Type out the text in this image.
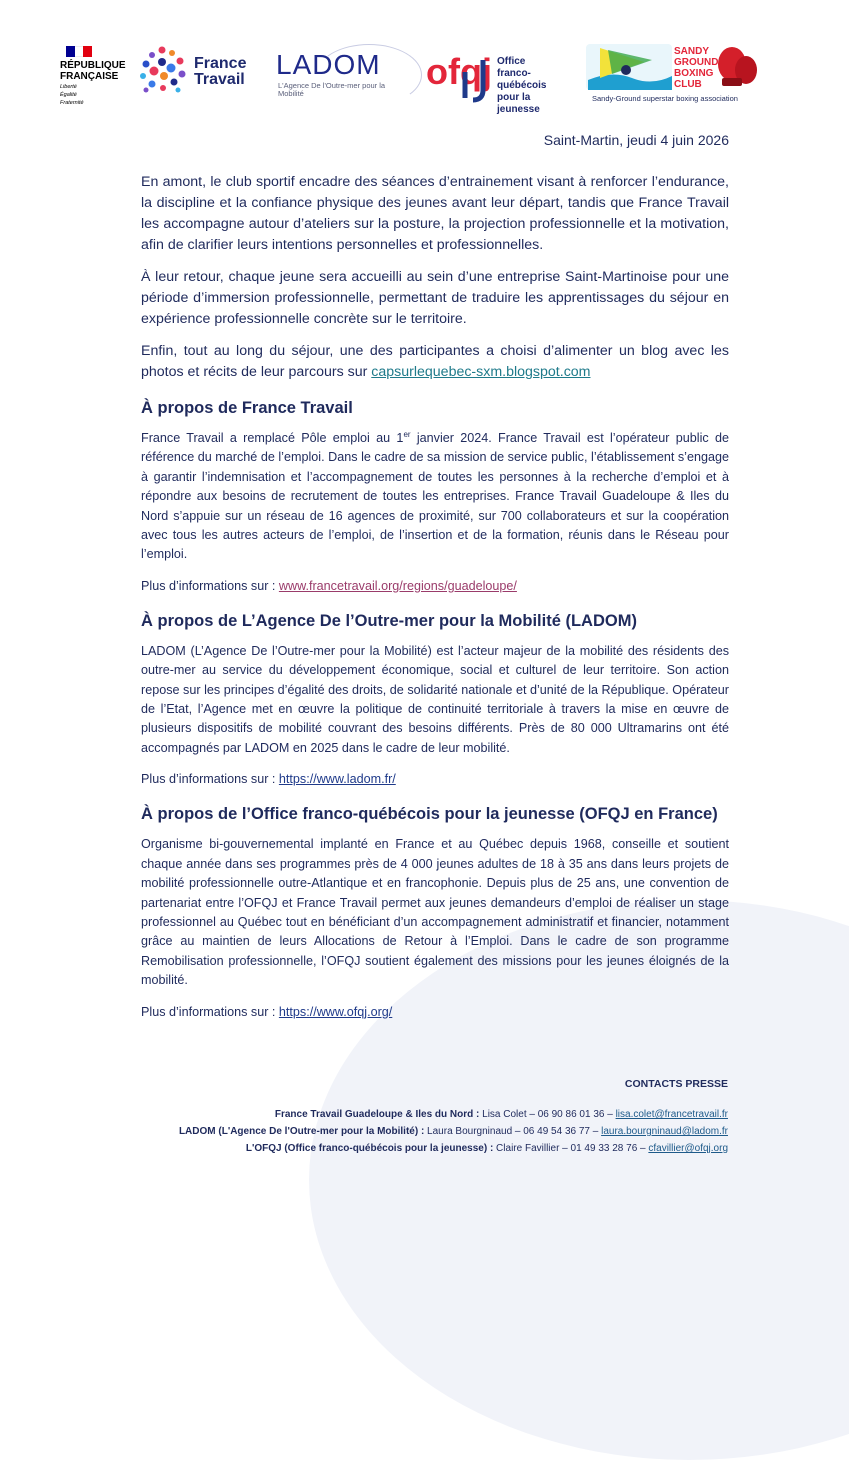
RÉPUBLIQUE
FRANÇAISE
Liberté
Égalité
Fraternité
France
Travail LADOM
L'Agence De l'Outre-mer pour la Mobilité
ofqj Office
franco-québécois
pour la jeunesse
SANDY
GROUND
BOXING
CLUB
Sandy-Ground superstar boxing association
Saint-Martin, jeudi 4 juin 2026

En amont, le club sportif encadre des séances d’entrainement visant à renforcer l’endurance, la discipline et la confiance physique des jeunes avant leur départ, tandis que France Travail les accompagne autour d’ateliers sur la posture, la projection professionnelle et la motivation, afin de clarifier leurs intentions personnelles et professionnelles.

À leur retour, chaque jeune sera accueilli au sein d’une entreprise Saint-Martinoise pour une période d’immersion professionnelle, permettant de traduire les apprentissages du séjour en expérience professionnelle concrète sur le territoire.

Enfin, tout au long du séjour, une des participantes a choisi d’alimenter un blog avec les photos et récits de leur parcours sur capsurlequebec-sxm.blogspot.com

À propos de France Travail

France Travail a remplacé Pôle emploi au 1er janvier 2024. France Travail est l’opérateur public de référence du marché de l’emploi. Dans le cadre de sa mission de service public, l’établissement s’engage à garantir l’indemnisation et l’accompagnement de toutes les personnes à la recherche d’emploi et à répondre aux besoins de recrutement de toutes les entreprises. France Travail Guadeloupe & Iles du Nord s’appuie sur un réseau de 16 agences de proximité, sur 700 collaborateurs et sur la coopération avec tous les autres acteurs de l’emploi, de l’insertion et de la formation, réunis dans le Réseau pour l’emploi.

Plus d’informations sur : www.francetravail.org/regions/guadeloupe/

À propos de L’Agence De l’Outre-mer pour la Mobilité (LADOM)

LADOM (L’Agence De l’Outre-mer pour la Mobilité) est l’acteur majeur de la mobilité des résidents des outre-mer au service du développement économique, social et culturel de leur territoire. Son action repose sur les principes d’égalité des droits, de solidarité nationale et d’unité de la République. Opérateur de l’Etat, l’Agence met en œuvre la politique de continuité territoriale à travers la mise en œuvre de plusieurs dispositifs de mobilité couvrant des besoins différents. Près de 80 000 Ultramarins ont été accompagnés par LADOM en 2025 dans le cadre de leur mobilité.

Plus d’informations sur : https://www.ladom.fr/

À propos de l’Office franco-québécois pour la jeunesse (OFQJ en France)

Organisme bi-gouvernemental implanté en France et au Québec depuis 1968, conseille et soutient chaque année dans ses programmes près de 4 000 jeunes adultes de 18 à 35 ans dans leurs projets de mobilité professionnelle outre-Atlantique et en francophonie. Depuis plus de 25 ans, une convention de partenariat entre l’OFQJ et France Travail permet aux jeunes demandeurs d’emploi de réaliser un stage professionnel au Québec tout en bénéficiant d’un accompagnement administratif et financier, notamment grâce au maintien de leurs Allocations de Retour à l’Emploi. Dans le cadre de son programme Remobilisation professionnelle, l’OFQJ soutient également des missions pour les jeunes éloignés de la mobilité.

Plus d’informations sur : https://www.ofqj.org/

CONTACTS PRESSE
France Travail Guadeloupe & Iles du Nord : Lisa Colet – 06 90 86 01 36 – lisa.colet@francetravail.fr
LADOM (L'Agence De l'Outre-mer pour la Mobilité) : Laura Bourgninaud – 06 49 54 36 77 – laura.bourgninaud@ladom.fr
L'OFQJ (Office franco-québécois pour la jeunesse) : Claire Favillier – 01 49 33 28 76 – cfavillier@ofqj.org
